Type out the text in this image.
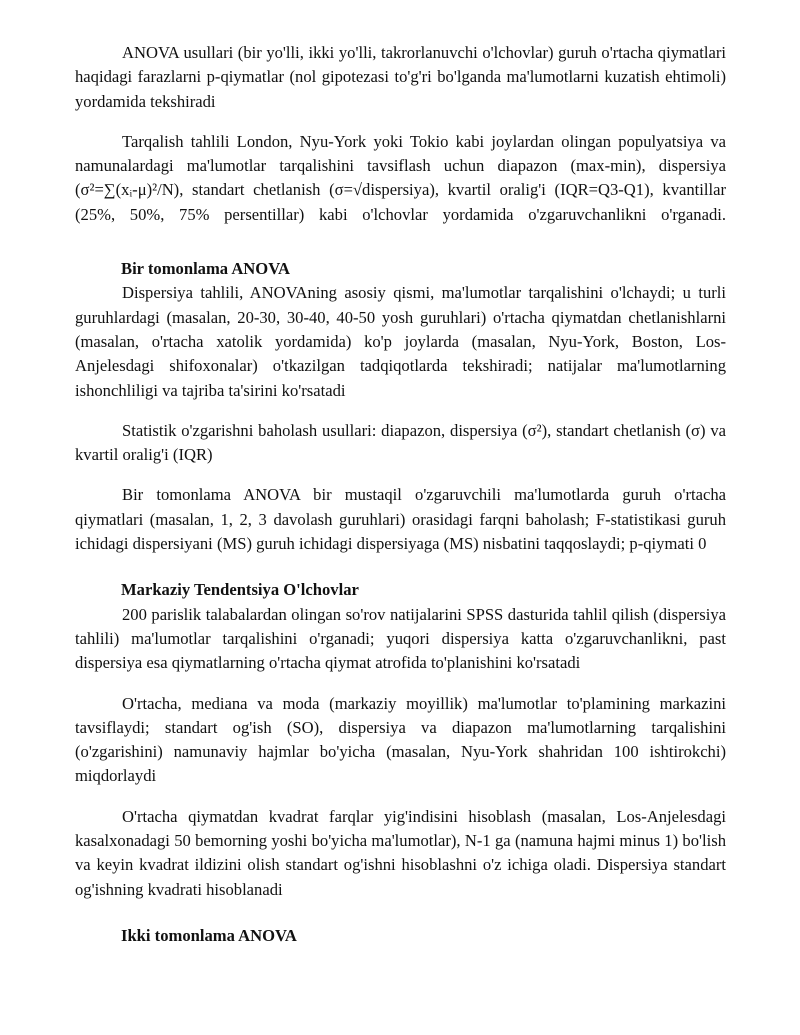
ANOVA usullari (bir yo'lli, ikki yo'lli, takrorlanuvchi o'lchovlar) guruh o'rtacha qiymatlari haqidagi farazlarni p-qiymatlar (nol gipotezasi to'g'ri bo'lganda ma'lumotlarni kuzatish ehtimoli) yordamida tekshiradi

Tarqalish tahlili London, Nyu-York yoki Tokio kabi joylardan olingan populyatsiya va namunalardagi ma'lumotlar tarqalishini tavsiflash uchun diapazon (max-min), dispersiya (σ²=∑(xᵢ-μ)²/N), standart chetlanish (σ=√dispersiya), kvartil oralig'i (IQR=Q3-Q1), kvantillar (25%, 50%, 75% persentillar) kabi o'lchovlar yordamida o'zgaruvchanlikni o'rganadi.

Bir tomonlama ANOVA

Dispersiya tahlili, ANOVAning asosiy qismi, ma'lumotlar tarqalishini o'lchaydi; u turli guruhlardagi (masalan, 20-30, 30-40, 40-50 yosh guruhlari) o'rtacha qiymatdan chetlanishlarni (masalan, o'rtacha xatolik yordamida) ko'p joylarda (masalan, Nyu-York, Boston, Los-Anjelesdagi shifoxonalar) o'tkazilgan tadqiqotlarda tekshiradi; natijalar ma'lumotlarning ishonchliligi va tajriba ta'sirini ko'rsatadi

Statistik o'zgarishni baholash usullari: diapazon, dispersiya (σ²), standart chetlanish (σ) va kvartil oralig'i (IQR)

Bir tomonlama ANOVA bir mustaqil o'zgaruvchili ma'lumotlarda guruh o'rtacha qiymatlari (masalan, 1, 2, 3 davolash guruhlari) orasidagi farqni baholash; F-statistikasi guruh ichidagi dispersiyani (MS) guruh ichidagi dispersiyaga (MS) nisbatini taqqoslaydi; p-qiymati 0

Markaziy Tendentsiya O'lchovlar

200 parislik talabalardan olingan so'rov natijalarini SPSS dasturida tahlil qilish (dispersiya tahlili) ma'lumotlar tarqalishini o'rganadi; yuqori dispersiya katta o'zgaruvchanlikni, past dispersiya esa qiymatlarning o'rtacha qiymat atrofida to'planishini ko'rsatadi

O'rtacha, mediana va moda (markaziy moyillik) ma'lumotlar to'plamining markazini tavsiflaydi; standart og'ish (SO), dispersiya va diapazon ma'lumotlarning tarqalishini (o'zgarishini) namunaviy hajmlar bo'yicha (masalan, Nyu-York shahridan 100 ishtirokchi) miqdorlaydi

O'rtacha qiymatdan kvadrat farqlar yig'indisini hisoblash (masalan, Los-Anjelesdagi kasalxonadagi 50 bemorning yoshi bo'yicha ma'lumotlar), N-1 ga (namuna hajmi minus 1) bo'lish va keyin kvadrat ildizini olish standart og'ishni hisoblashni o'z ichiga oladi. Dispersiya standart og'ishning kvadrati hisoblanadi

Ikki tomonlama ANOVA
